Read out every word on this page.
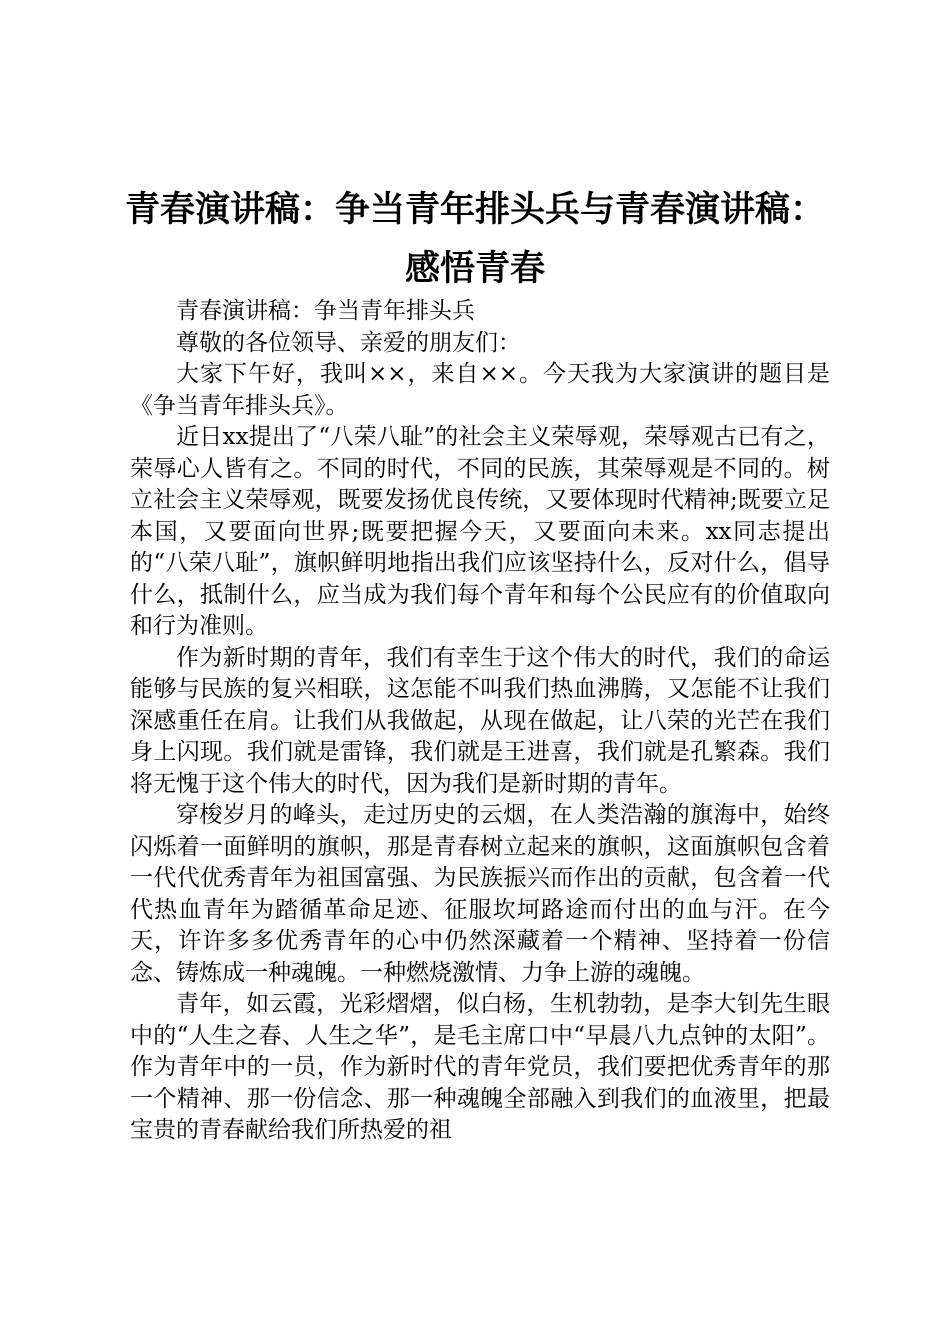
青春演讲稿：争当青年排头兵与青春演讲稿：
感悟青春

青春演讲稿：争当青年排头兵

尊敬的各位领导、亲爱的朋友们：

大家下午好，我叫××，来自××。今天我为大家演讲的题目是《争当青年排头兵》。

近日xx提出了“八荣八耻”的社会主义荣辱观，荣辱观古已有之，荣辱心人皆有之。不同的时代，不同的民族，其荣辱观是不同的。树立社会主义荣辱观，既要发扬优良传统，又要体现时代精神;既要立足本国，又要面向世界;既要把握今天，又要面向未来。xx同志提出的“八荣八耻”，旗帜鲜明地指出我们应该坚持什么，反对什么，倡导什么，抵制什么，应当成为我们每个青年和每个公民应有的价值取向和行为准则。

作为新时期的青年，我们有幸生于这个伟大的时代，我们的命运能够与民族的复兴相联，这怎能不叫我们热血沸腾，又怎能不让我们深感重任在肩。让我们从我做起，从现在做起，让八荣的光芒在我们身上闪现。我们就是雷锋，我们就是王进喜，我们就是孔繁森。我们将无愧于这个伟大的时代，因为我们是新时期的青年。

穿梭岁月的峰头，走过历史的云烟，在人类浩瀚的旗海中，始终闪烁着一面鲜明的旗帜，那是青春树立起来的旗帜，这面旗帜包含着一代代优秀青年为祖国富强、为民族振兴而作出的贡献，包含着一代代热血青年为踏循革命足迹、征服坎坷路途而付出的血与汗。在今天，许许多多优秀青年的心中仍然深藏着一个精神、坚持着一份信念、铸炼成一种魂魄。一种燃烧激情、力争上游的魂魄。

青年，如云霞，光彩熠熠，似白杨，生机勃勃，是李大钊先生眼中的“人生之春、人生之华”，是毛主席口中“早晨八九点钟的太阳”。作为青年中的一员，作为新时代的青年党员，我们要把优秀青年的那一个精神、那一份信念、那一种魂魄全部融入到我们的血液里，把最宝贵的青春献给我们所热爱的祖
